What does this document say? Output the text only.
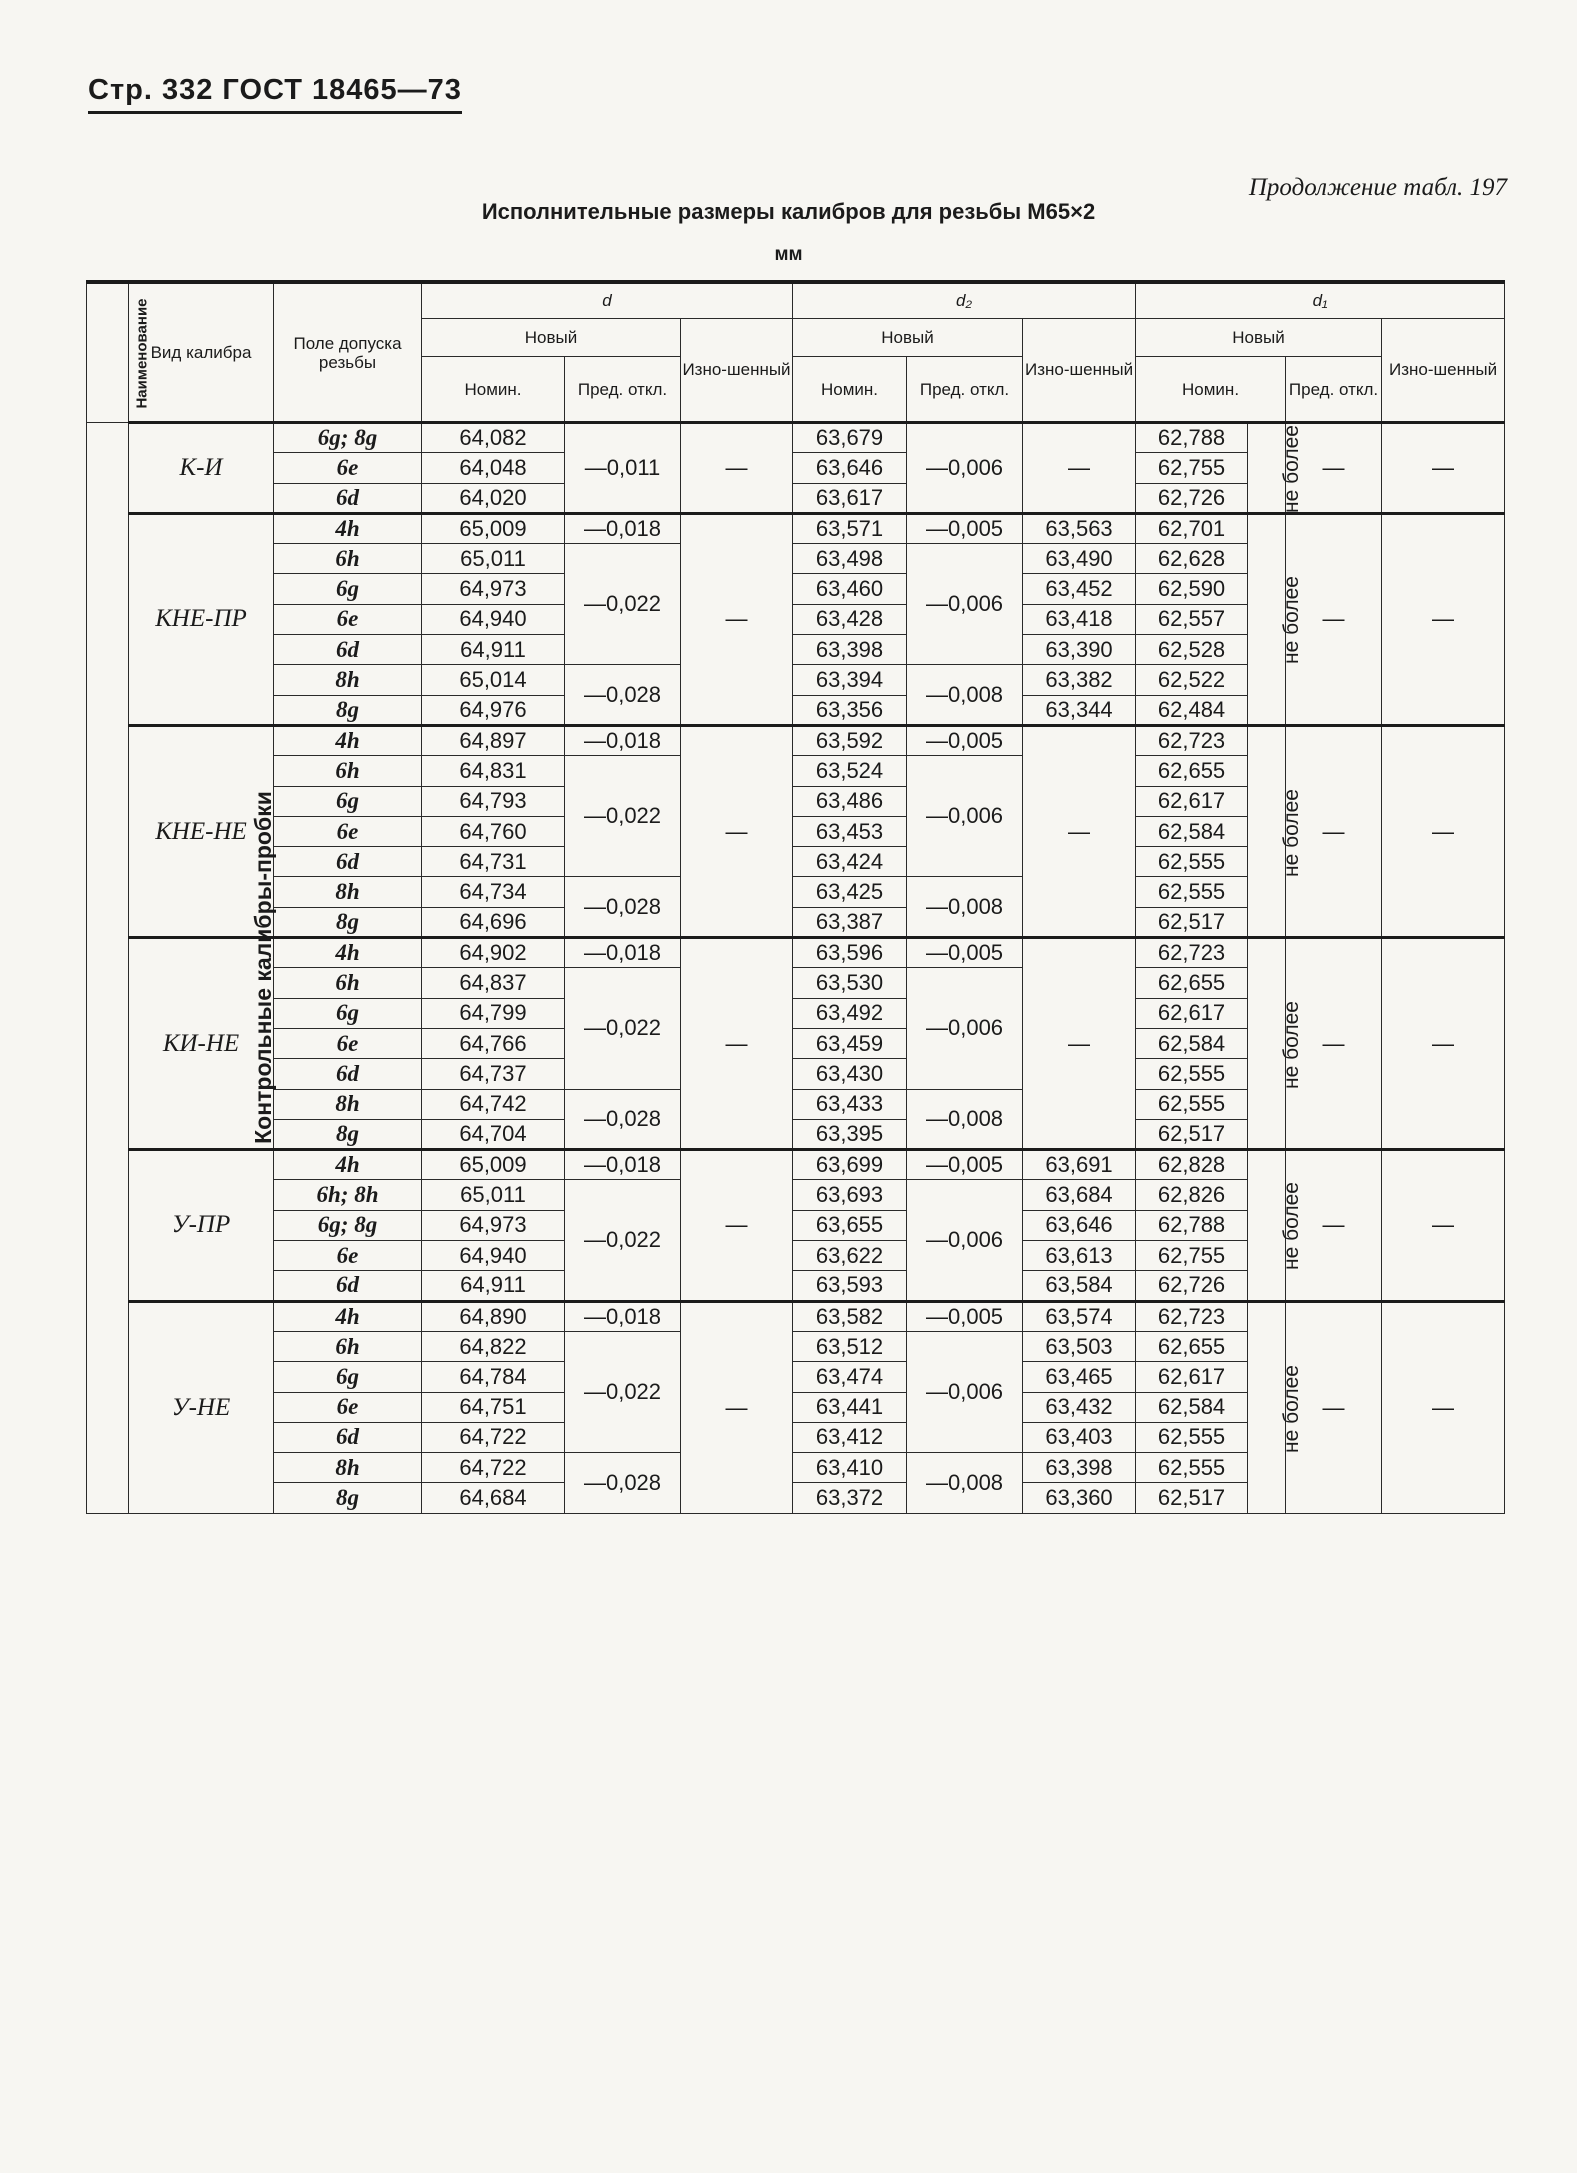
Стр. 332 ГОСТ 18465—73
Продолжение табл. 197
Исполнительные размеры калибров для резьбы М65×2
мм
Наименование	Вид калибра	Поле допуска резьбы	d			d₂			d₁			
			Новый		Изно-шенный	Новый		Изно-шенный	Новый			Изно-шенный
			Номин.	Пред. откл.		Номин.	Пред. откл.		Номин.		Пред. откл.	
Контрольные калибры-пробки	К-И	6g; 8g	64,082	—0,011	—	63,679	—0,006	—	62,788	не более	—	—
		6e	64,048			63,646			62,755			
		6d	64,020			63,617			62,726			
	КНЕ-ПР	4h	65,009	—0,018	—	63,571	—0,005	63,563	62,701	не более	—	—
		6h	65,011	—0,022		63,498	—0,006	63,490	62,628			
		6g	64,973			63,460		63,452	62,590			
		6e	64,940			63,428		63,418	62,557			
		6d	64,911			63,398		63,390	62,528			
		8h	65,014	—0,028		63,394	—0,008	63,382	62,522			
		8g	64,976			63,356		63,344	62,484			
	КНЕ-НЕ	4h	64,897	—0,018	—	63,592	—0,005	—	62,723	не более	—	—
		6h	64,831	—0,022		63,524	—0,006		62,655			
		6g	64,793			63,486			62,617			
		6e	64,760			63,453			62,584			
		6d	64,731			63,424			62,555			
		8h	64,734	—0,028		63,425	—0,008		62,555			
		8g	64,696			63,387			62,517			
	КИ-НЕ	4h	64,902	—0,018	—	63,596	—0,005	—	62,723	не более	—	—
		6h	64,837	—0,022		63,530	—0,006		62,655			
		6g	64,799			63,492			62,617			
		6e	64,766			63,459			62,584			
		6d	64,737			63,430			62,555			
		8h	64,742	—0,028		63,433	—0,008		62,555			
		8g	64,704			63,395			62,517			
	У-ПР	4h	65,009	—0,018	—	63,699	—0,005	63,691	62,828	не более	—	—
		6h; 8h	65,011	—0,022		63,693	—0,006	63,684	62,826			
		6g; 8g	64,973			63,655		63,646	62,788			
		6e	64,940			63,622		63,613	62,755			
		6d	64,911			63,593		63,584	62,726			
	У-НЕ	4h	64,890	—0,018	—	63,582	—0,005	63,574	62,723	не более	—	—
		6h	64,822	—0,022		63,512	—0,006	63,503	62,655			
		6g	64,784			63,474		63,465	62,617			
		6e	64,751			63,441		63,432	62,584			
		6d	64,722			63,412		63,403	62,555			
		8h	64,722	—0,028		63,410	—0,008	63,398	62,555			
		8g	64,684			63,372		63,360	62,517			
